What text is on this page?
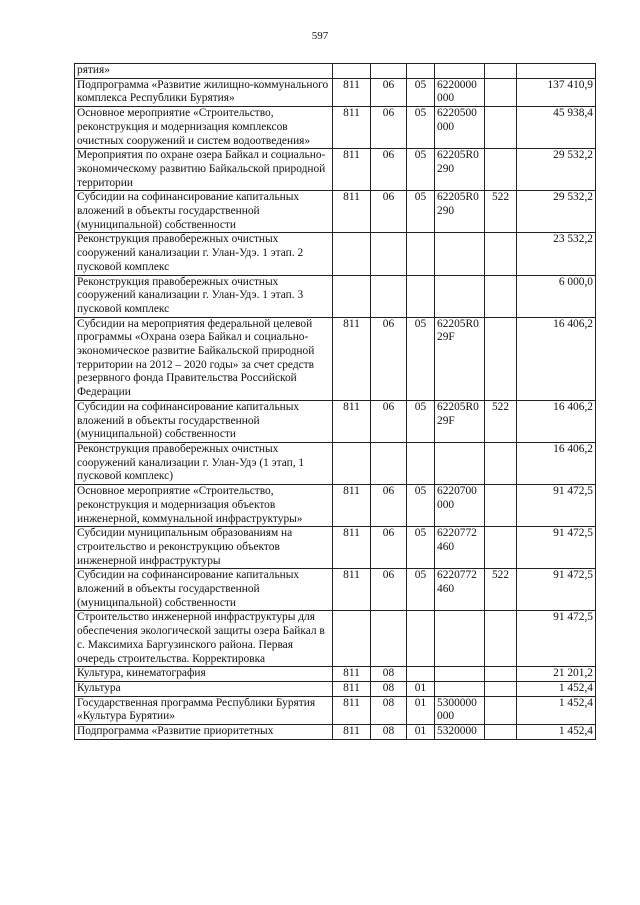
597
рятия»						
Подпрограмма «Развитие жилищно-коммунального комплекса Республики Бурятия»	811	06	05	6220000000		137 410,9
Основное мероприятие «Строительство, реконструкция и модернизация комплексов очистных сооружений и систем водоотведения»	811	06	05	6220500000		45 938,4
Мероприятия по охране озера Байкал и социально-экономическому развитию Байкальской природной территории	811	06	05	62205R0290		29 532,2
Субсидии на софинансирование капитальных вложений в объекты государственной (муниципальной) собственности	811	06	05	62205R0290	522	29 532,2
Реконструкция правобережных очистных сооружений канализации г. Улан-Удэ. 1 этап. 2 пусковой комплекс						23 532,2
Реконструкция правобережных очистных сооружений канализации г. Улан-Удэ. 1 этап. 3 пусковой комплекс						6 000,0
Субсидии на мероприятия федеральной целевой программы «Охрана озера Байкал и социально-экономическое развитие Байкальской природной территории на 2012 – 2020 годы» за счет средств резервного фонда Правительства Российской Федерации	811	06	05	62205R029F		16 406,2
Субсидии на софинансирование капитальных вложений в объекты государственной (муниципальной) собственности	811	06	05	62205R029F	522	16 406,2
Реконструкция правобережных очистных сооружений канализации г. Улан-Удэ (1 этап, 1 пусковой комплекс)						16 406,2
Основное мероприятие «Строительство, реконструкция и модернизация объектов инженерной, коммунальной инфраструктуры»	811	06	05	6220700000		91 472,5
Субсидии муниципальным образованиям на строительство и реконструкцию объектов инженерной инфраструктуры	811	06	05	6220772460		91 472,5
Субсидии на софинансирование капитальных вложений в объекты государственной (муниципальной) собственности	811	06	05	6220772460	522	91 472,5
Строительство инженерной инфраструктуры для обеспечения экологической защиты озера Байкал в с. Максимиха Баргузинского района. Первая очередь строительства. Корректировка						91 472,5
Культура, кинематография	811	08				21 201,2
Культура	811	08	01			1 452,4
Государственная программа Республики Бурятия «Культура Бурятии»	811	08	01	5300000000		1 452,4
Подпрограмма «Развитие приоритетных	811	08	01	5320000		1 452,4
